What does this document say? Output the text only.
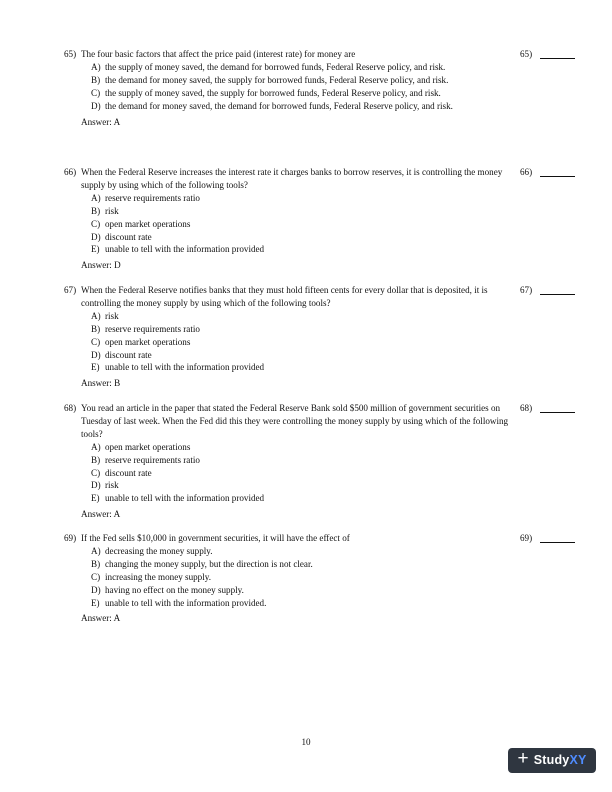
65) The four basic factors that affect the price paid (interest rate) for money are
A) the supply of money saved, the demand for borrowed funds, Federal Reserve policy, and risk.
B) the demand for money saved, the supply for borrowed funds, Federal Reserve policy, and risk.
C) the supply of money saved, the supply for borrowed funds, Federal Reserve policy, and risk.
D) the demand for money saved, the demand for borrowed funds, Federal Reserve policy, and risk.
Answer: A
65)
66) When the Federal Reserve increases the interest rate it charges banks to borrow reserves, it is controlling the money supply by using which of the following tools?
A) reserve requirements ratio
B) risk
C) open market operations
D) discount rate
E) unable to tell with the information provided
Answer: D
66)
67) When the Federal Reserve notifies banks that they must hold fifteen cents for every dollar that is deposited, it is controlling the money supply by using which of the following tools?
A) risk
B) reserve requirements ratio
C) open market operations
D) discount rate
E) unable to tell with the information provided
Answer: B
67)
68) You read an article in the paper that stated the Federal Reserve Bank sold $500 million of government securities on Tuesday of last week. When the Fed did this they were controlling the money supply by using which of the following tools?
A) open market operations
B) reserve requirements ratio
C) discount rate
D) risk
E) unable to tell with the information provided
Answer: A
68)
69) If the Fed sells $10,000 in government securities, it will have the effect of
A) decreasing the money supply.
B) changing the money supply, but the direction is not clear.
C) increasing the money supply.
D) having no effect on the money supply.
E) unable to tell with the information provided.
Answer: A
69)
10
+ Study XY
